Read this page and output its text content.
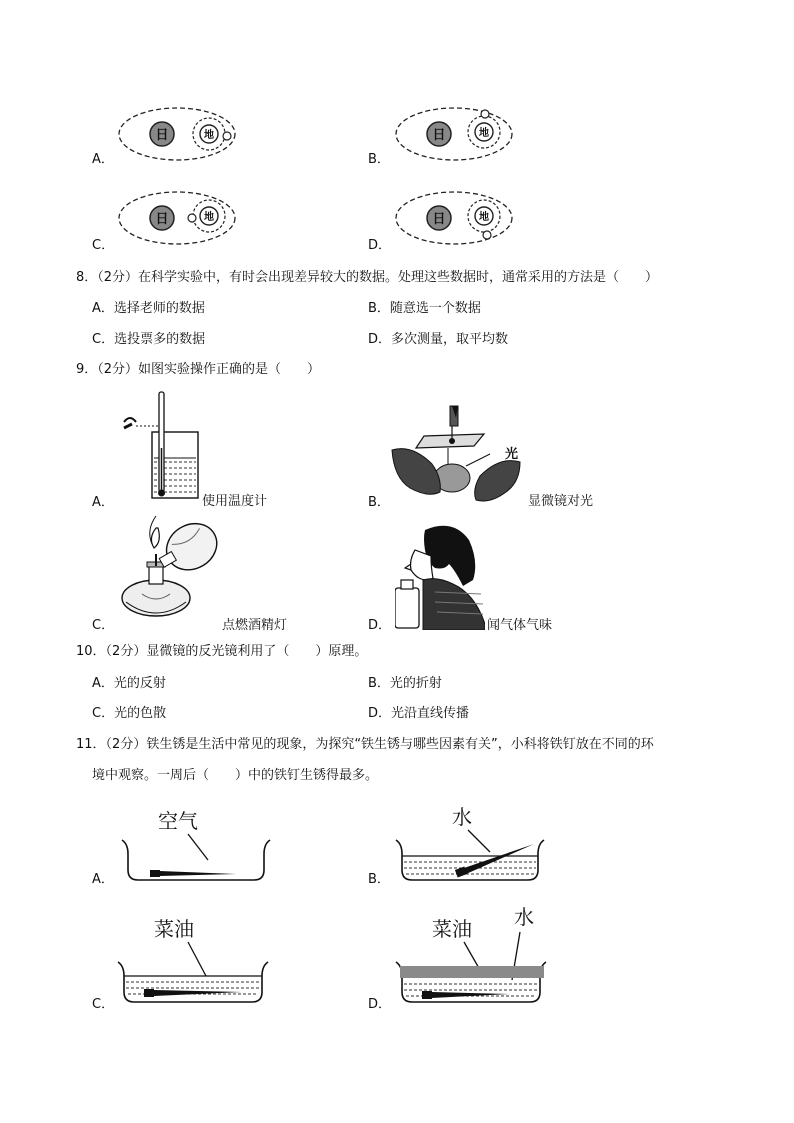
A．	B．
C．	D．
日	地	日	地
日	地	日	地
8．（2分）在科学实验中，有时会出现差异较大的数据。处理这些数据时，通常采用的方法是（　　）
A．选择老师的数据	B．随意选一个数据
C．选投票多的数据	D．多次测量，取平均数
9．（2分）如图实验操作正确的是（　　）
A．	使用温度计	B．	显微镜对光
光
C．	点燃酒精灯	D．	闻气体气味
10．（2分）显微镜的反光镜利用了（　　）原理。
A．光的反射	B．光的折射
C．光的色散	D．光沿直线传播
11．（2分）铁生锈是生活中常见的现象，为探究“铁生锈与哪些因素有关”，小科将铁钉放在不同的环
境中观察。一周后（　　）中的铁钉生锈得最多。
A．
空气
B．
水
C．
菜油
D．
菜油 水
